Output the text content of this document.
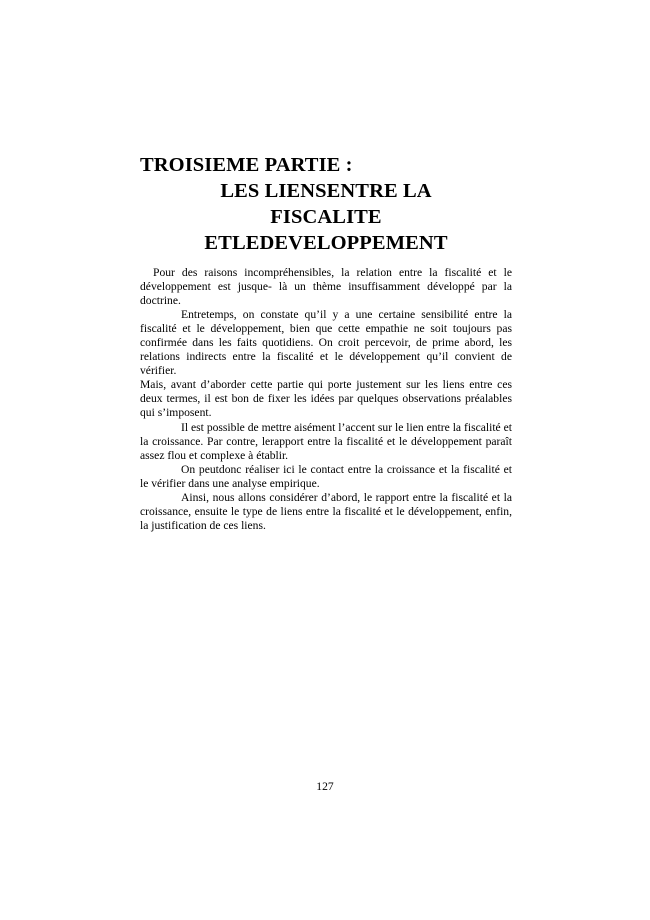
TROISIEME PARTIE :
LES LIENSENTRE LA
FISCALITE
ETLEDEVELOPPEMENT

Pour des raisons incompréhensibles, la relation entre la fiscalité et le développement est jusque- là un thème insuffisamment développé par la doctrine.

Entretemps, on constate qu’il y a une certaine sensibilité entre la fiscalité et le développement, bien que cette empathie ne soit toujours pas confirmée dans les faits quotidiens. On croit percevoir, de prime abord, les relations indirects entre la fiscalité et le développement qu’il convient de vérifier.

Mais, avant d’aborder cette partie qui porte justement sur les liens entre ces deux termes, il est bon de fixer les idées par quelques observations préalables qui s’imposent.

Il est possible de mettre aisément l’accent sur le lien entre la fiscalité et la croissance. Par contre, lerapport entre la fiscalité et le développement paraît assez flou et complexe à établir.

On peutdonc réaliser ici le contact entre la croissance et la fiscalité et le vérifier dans une analyse empirique.

Ainsi, nous allons considérer d’abord, le rapport entre la fiscalité et la croissance, ensuite le type de liens entre la fiscalité et le développement, enfin, la justification de ces liens.

127
